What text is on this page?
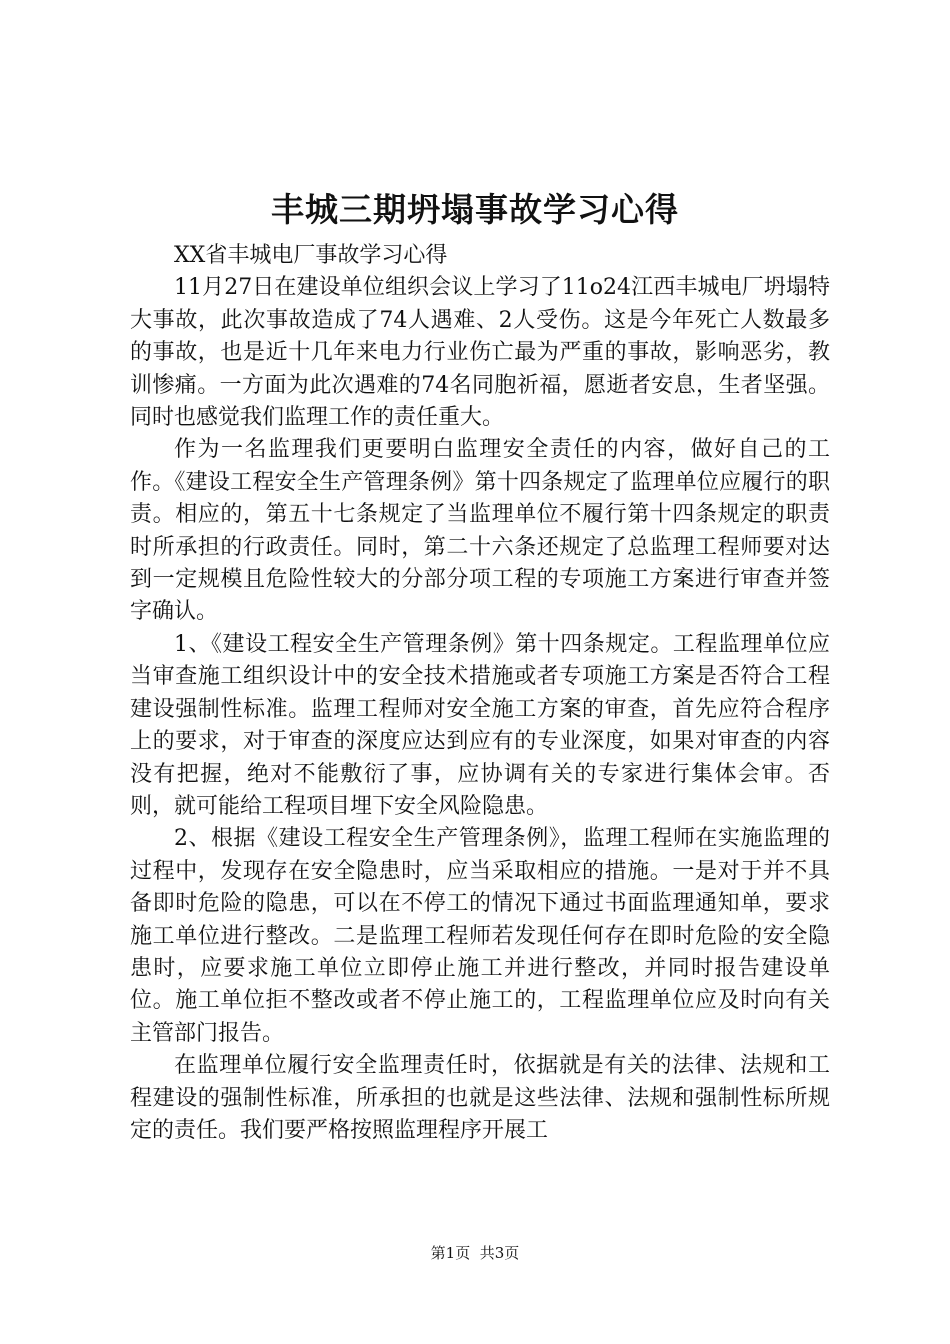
丰城三期坍塌事故学习心得

XX省丰城电厂事故学习心得

11月27日在建设单位组织会议上学习了11o24江西丰城电厂坍塌特大事故，此次事故造成了74人遇难、2人受伤。这是今年死亡人数最多的事故，也是近十几年来电力行业伤亡最为严重的事故，影响恶劣，教训惨痛。一方面为此次遇难的74名同胞祈福，愿逝者安息，生者坚强。同时也感觉我们监理工作的责任重大。

作为一名监理我们更要明白监理安全责任的内容，做好自己的工作。《建设工程安全生产管理条例》第十四条规定了监理单位应履行的职责。相应的，第五十七条规定了当监理单位不履行第十四条规定的职责时所承担的行政责任。同时，第二十六条还规定了总监理工程师要对达到一定规模且危险性较大的分部分项工程的专项施工方案进行审查并签字确认。

1、《建设工程安全生产管理条例》第十四条规定。工程监理单位应当审查施工组织设计中的安全技术措施或者专项施工方案是否符合工程建设强制性标准。监理工程师对安全施工方案的审查，首先应符合程序上的要求，对于审查的深度应达到应有的专业深度，如果对审查的内容没有把握，绝对不能敷衍了事，应协调有关的专家进行集体会审。否则，就可能给工程项目埋下安全风险隐患。

2、根据《建设工程安全生产管理条例》，监理工程师在实施监理的过程中，发现存在安全隐患时，应当采取相应的措施。一是对于并不具备即时危险的隐患，可以在不停工的情况下通过书面监理通知单，要求施工单位进行整改。二是监理工程师若发现任何存在即时危险的安全隐患时，应要求施工单位立即停止施工并进行整改，并同时报告建设单位。施工单位拒不整改或者不停止施工的，工程监理单位应及时向有关主管部门报告。

在监理单位履行安全监理责任时，依据就是有关的法律、法规和工程建设的强制性标准，所承担的也就是这些法律、法规和强制性标所规定的责任。我们要严格按照监理程序开展工

第1页 共3页
